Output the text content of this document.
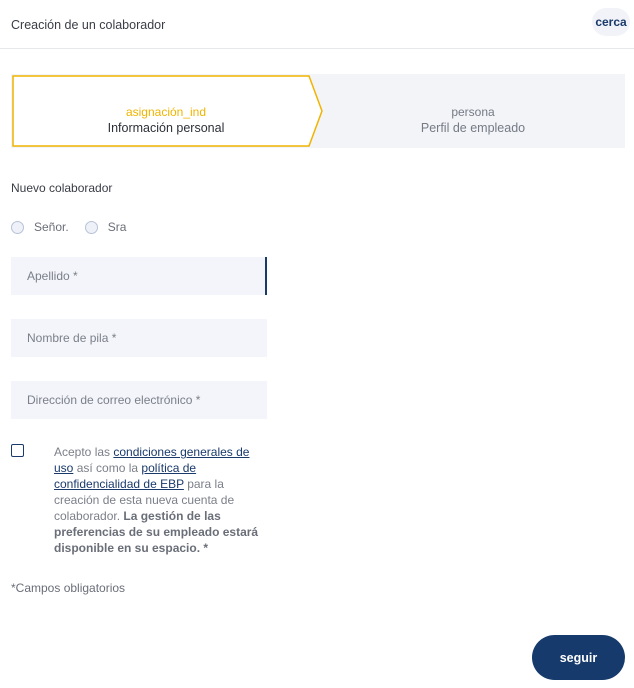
Creación de un colaborador	cerca
asignación_ind
Información personal
persona
Perfil de empleado
Nuevo colaborador
Señor.	Sra
Apellido *
Nombre de pila *
Dirección de correo electrónico *
Acepto las condiciones generales de uso así como la política de confidencialidad de EBP para la creación de esta nueva cuenta de colaborador. La gestión de las preferencias de su empleado estará disponible en su espacio. *
*Campos obligatorios
seguir
